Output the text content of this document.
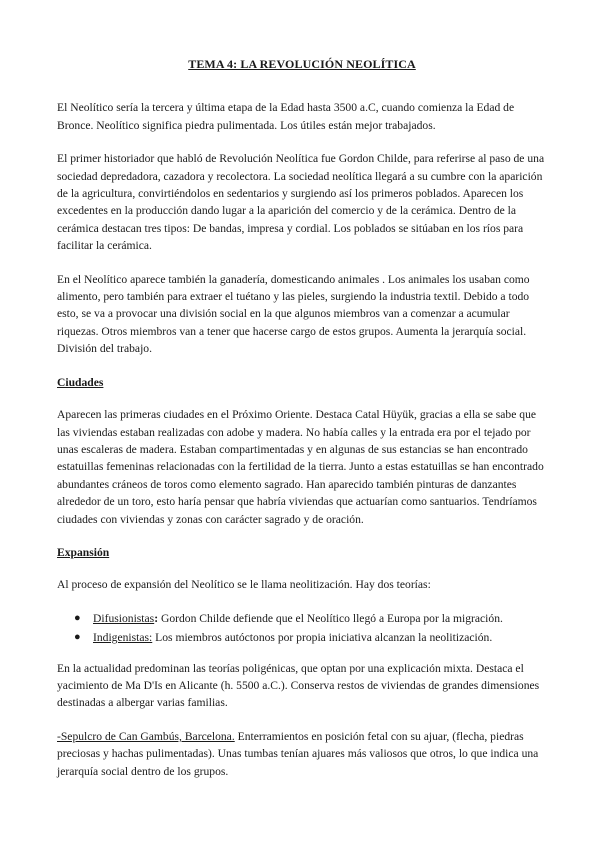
TEMA 4: LA REVOLUCIÓN NEOLÍTICA

El Neolítico sería la tercera y última etapa de la Edad hasta 3500 a.C, cuando comienza la Edad de Bronce. Neolítico significa piedra pulimentada. Los útiles están mejor trabajados.

El primer historiador que habló de Revolución Neolítica fue Gordon Childe, para referirse al paso de una sociedad depredadora, cazadora y recolectora. La sociedad neolítica llegará a su cumbre con la aparición de la agricultura, convirtiéndolos en sedentarios y surgiendo así los primeros poblados. Aparecen los excedentes en la producción dando lugar a la aparición del comercio y de la cerámica. Dentro de la cerámica destacan tres tipos: De bandas, impresa y cordial. Los poblados se sitúaban en los ríos para facilitar la cerámica.

En el Neolítico aparece también la ganadería, domesticando animales . Los animales los usaban como alimento, pero también para extraer el tuétano y las pieles, surgiendo la industria textil. Debido a todo esto, se va a provocar una división social en la que algunos miembros van a comenzar a acumular riquezas. Otros miembros van a tener que hacerse cargo de estos grupos. Aumenta la jerarquía social. División del trabajo.

Ciudades

Aparecen las primeras ciudades en el Próximo Oriente. Destaca Catal Hüyük, gracias a ella se sabe que las viviendas estaban realizadas con adobe y madera. No había calles y la entrada era por el tejado por unas escaleras de madera. Estaban compartimentadas y en algunas de sus estancias se han encontrado estatuillas femeninas relacionadas con la fertilidad de la tierra. Junto a estas estatuillas se han encontrado abundantes cráneos de toros como elemento sagrado. Han aparecido también pinturas de danzantes alrededor de un toro, esto haría pensar que habría viviendas que actuarían como santuarios. Tendríamos ciudades con viviendas y zonas con carácter sagrado y de oración.

Expansión

Al proceso de expansión del Neolítico se le llama neolitización. Hay dos teorías:

● Difusionistas: Gordon Childe defiende que el Neolítico llegó a Europa por la migración.
● Indigenistas: Los miembros autóctonos por propia iniciativa alcanzan la neolitización.

En la actualidad predominan las teorías poligénicas, que optan por una explicación mixta. Destaca el yacimiento de Ma D'Is en Alicante (h. 5500 a.C.). Conserva restos de viviendas de grandes dimensiones destinadas a albergar varias familias.

-Sepulcro de Can Gambús, Barcelona. Enterramientos en posición fetal con su ajuar, (flecha, piedras preciosas y hachas pulimentadas). Unas tumbas tenían ajuares más valiosos que otros, lo que indica una jerarquía social dentro de los grupos.
